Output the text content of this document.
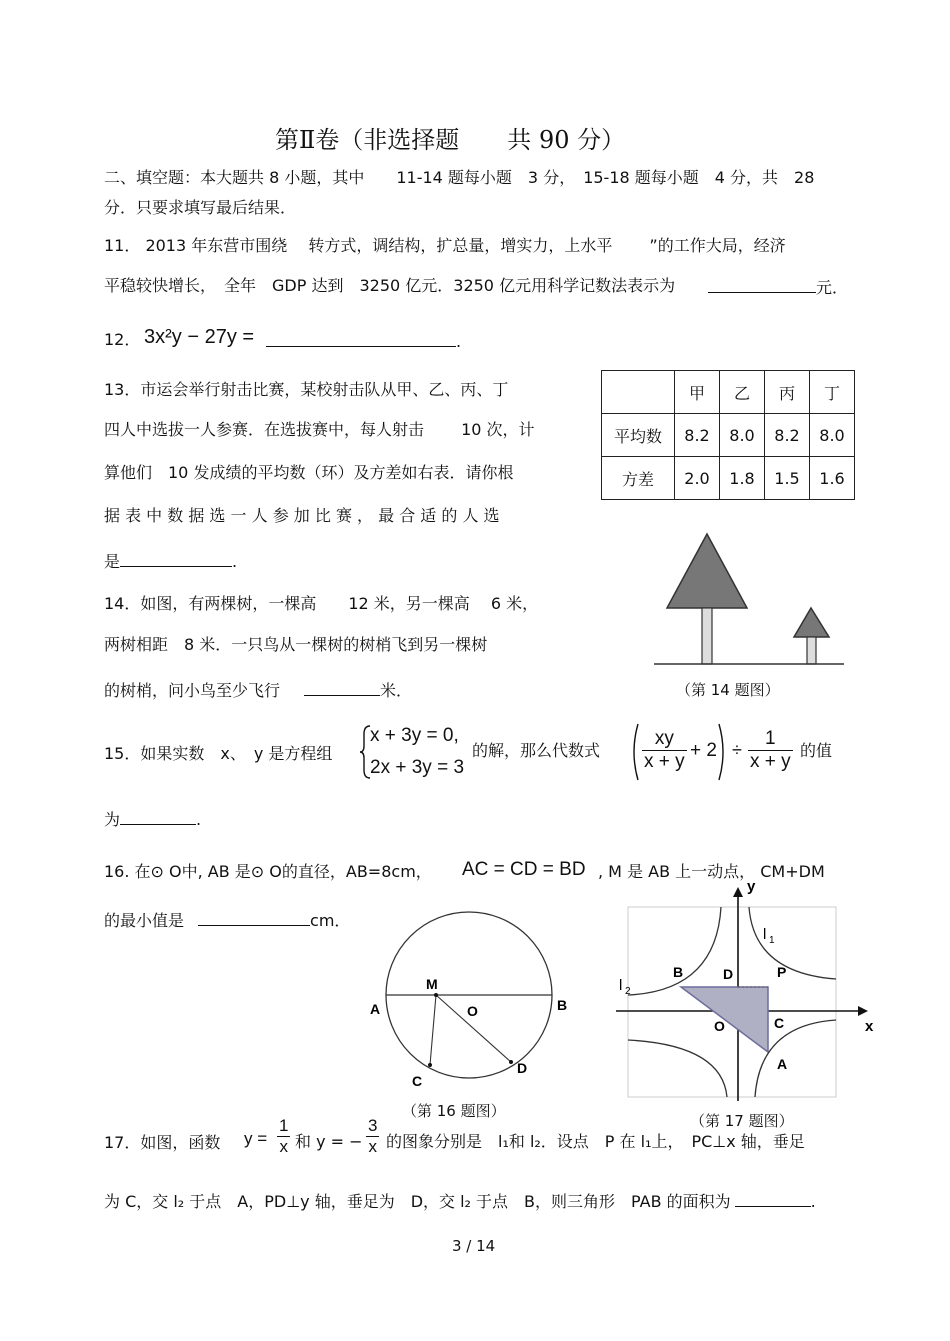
第Ⅱ卷（非选择题　　共 90 分）
二、填空题：本大题共 8 小题，其中　　11-14 题每小题　3 分，　15-18 题每小题　4 分，共　28
分．只要求填写最后结果．
11． 2013 年东营市围绕　 转方式，调结构，扩总量，增实力，上水平　　 ”的工作大局，经济
平稳较快增长，　全年　GDP 达到　3250 亿元．3250 亿元用科学记数法表示为	元．
12． 3x²y − 27y =	.
13．市运会举行射击比赛，某校射击队从甲、乙、丙、丁
四人中选拔一人参赛．在选拔赛中，每人射击　　 10 次，计
算他们　10 发成绩的平均数（环）及方差如右表．请你根
据 表 中 数 据 选 一 人 参 加 比 赛 ， 最 合 适 的 人 选
是	.
	甲	乙	丙	丁
平均数	8.2	8.0	8.2	8.0
方差	2.0	1.8	1.5	1.6
（第 14 题图）
14．如图，有两棵树，一棵高　　12 米，另一棵高　 6 米，
两树相距　8 米．一只鸟从一棵树的树梢飞到另一棵树
的树梢，问小鸟至少飞行	米．
15．如果实数　x、　y 是方程组
x + 3y = 0,
2x + 3y = 3
的解，那么代数式 $\frac{xy}{x + y} + 2 \div \frac{1}{x + y}$ 的值
为	.
16. 在⊙ O中, AB 是⊙ O的直径，AB=8cm， AC = CD = BD , M 是 AB 上一动点， CM+DM
的最小值是	cm．
A	B
M
O
C
D
（第 16 题图）
y
x
l 1
l 2
B	D	P
O	C
A
（第 17 题图）
17．如图，函数 $y = \frac{1}{x}$ 和 y = − $\frac{3}{x}$ 的图象分别是　l₁和 l₂．设点　P 在 l₁上，　PC⊥x 轴，垂足
为 C，交 l₂ 于点　A，PD⊥y 轴，垂足为　D，交 l₂ 于点　B，则三角形　PAB 的面积为	.
3 / 14
